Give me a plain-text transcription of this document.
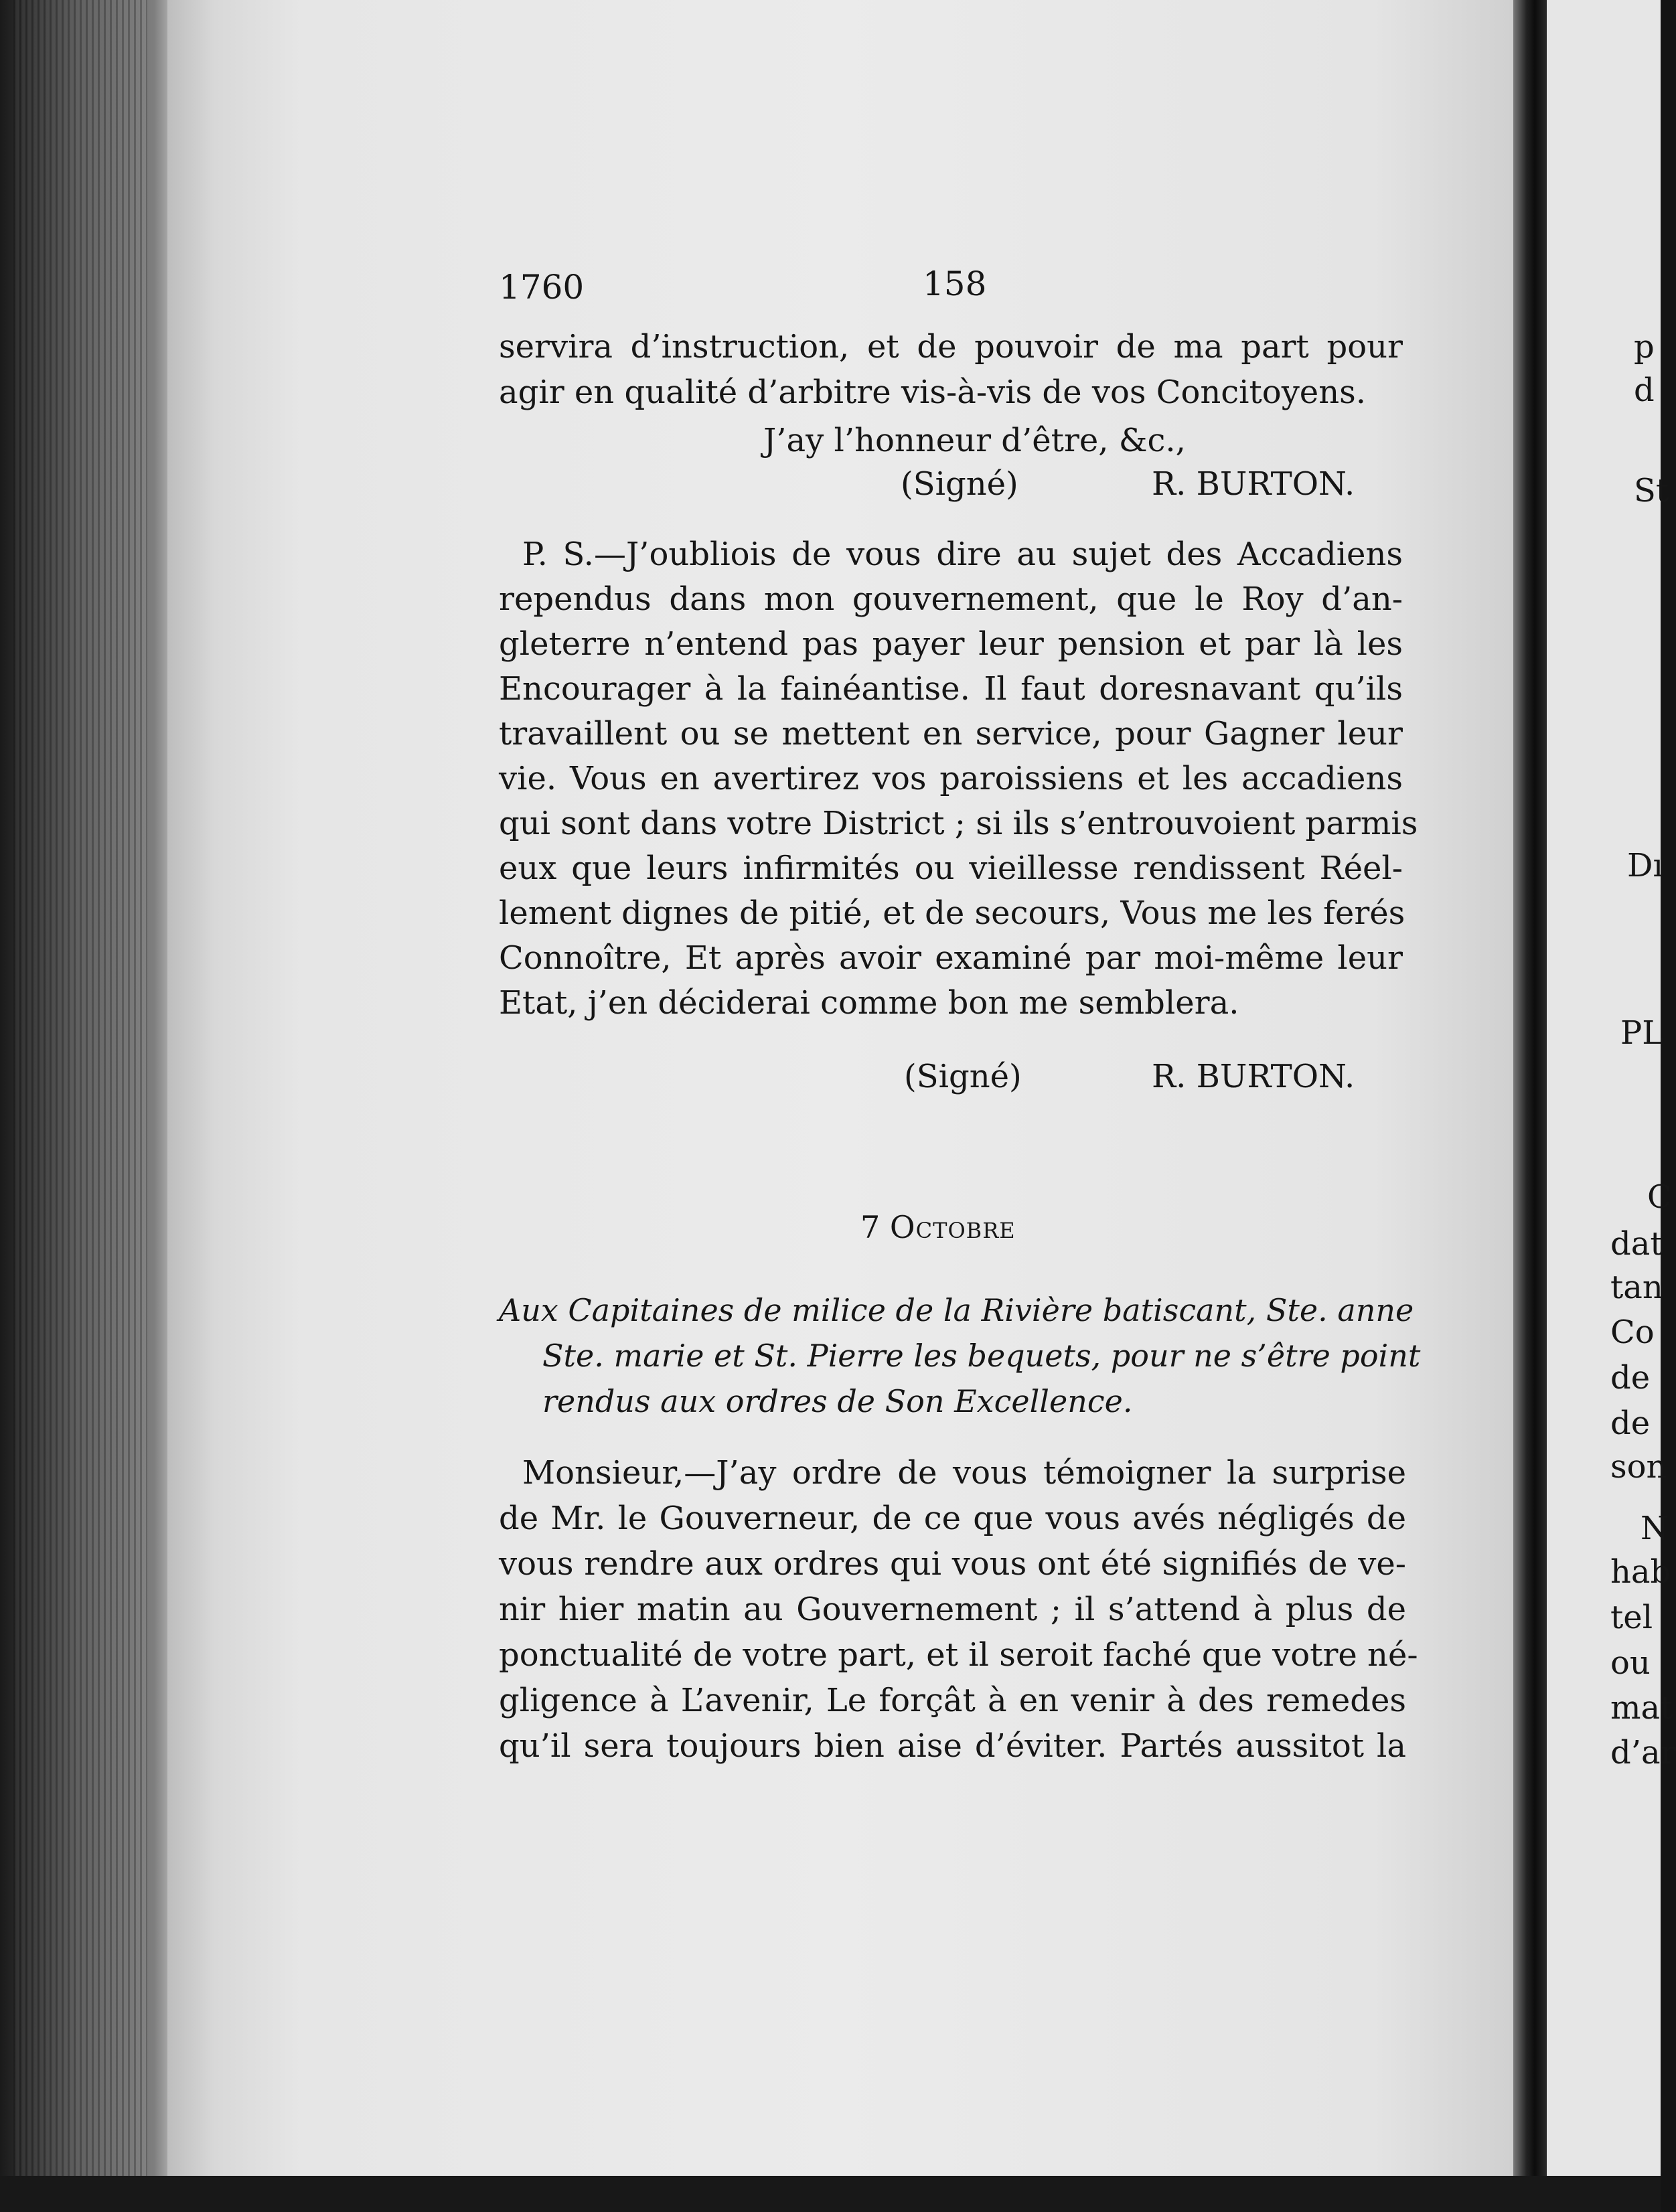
1760	158
servira d’instruction, et de pouvoir de ma part pour
agir en qualité d’arbitre vis-à-vis de vos Concitoyens.
J’ay l’honneur d’être, &c.,
(Signé)	R. BURTON.
P. S.—J’oubliois de vous dire au sujet des Accadiens
rependus dans mon gouvernement, que le Roy d’an-
gleterre n’entend pas payer leur pension et par là les
Encourager à la fainéantise. Il faut doresnavant qu’ils
travaillent ou se mettent en service, pour Gagner leur
vie. Vous en avertirez vos paroissiens et les accadiens
qui sont dans votre District ; si ils s’entrouvoient parmis
eux que leurs infirmités ou vieillesse rendissent Réel-
lement dignes de pitié, et de secours, Vous me les ferés
Connoître, Et après avoir examiné par moi-même leur
Etat, j’en déciderai comme bon me semblera.
(Signé)	R. BURTON.
7 Octobre
Aux Capitaines de milice de la Rivière batiscant, Ste. anne
Ste. marie et St. Pierre les bequets, pour ne s’être point
rendus aux ordres de Son Excellence.
Monsieur,—J’ay ordre de vous témoigner la surprise
de Mr. le Gouverneur, de ce que vous avés négligés de
vous rendre aux ordres qui vous ont été signifiés de ve-
nir hier matin au Gouvernement ; il s’attend à plus de
ponctualité de votre part, et il seroit faché que votre né-
gligence à L’avenir, Le forçât à en venir à des remedes
qu’il sera toujours bien aise d’éviter. Partés aussitot la
p
d
St
Dı
PL
C
dat
tan
Co
de
de
son
N
hab
tel
ou
mat
d’ar
